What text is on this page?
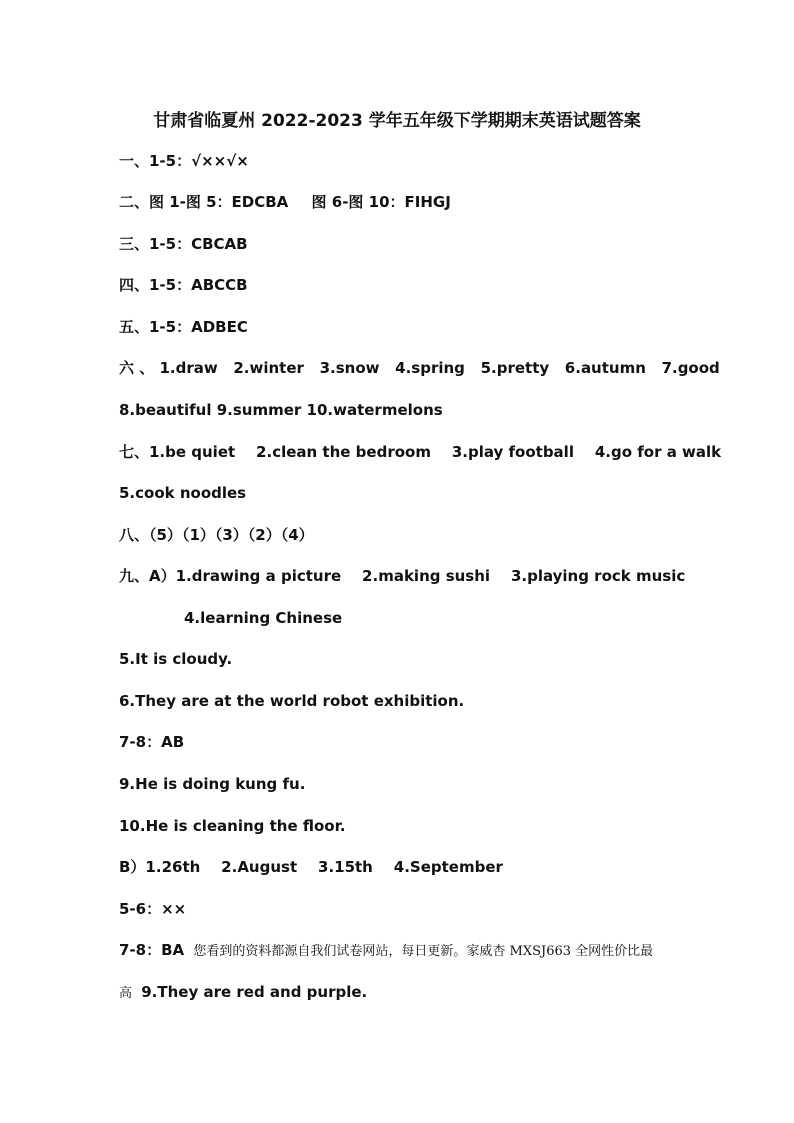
甘肃省临夏州 2022-2023 学年五年级下学期期末英语试题答案
一、1-5：√××√×
二、图 1-图 5：EDCBA 图 6-图 10：FIHGJ
三、1-5：CBCAB
四、1-5：ABCCB
五、1-5：ADBEC
六 、 1.draw   2.winter   3.snow   4.spring   5.pretty   6.autumn   7.good
8.beautiful 9.summer 10.watermelons
七、1.be quiet    2.clean the bedroom    3.play football    4.go for a walk
5.cook noodles
八、（5）（1）（3）（2）（4）
九、A）1.drawing a picture    2.making sushi    3.playing rock music
4.learning Chinese
5.It is cloudy.
6.They are at the world robot exhibition.
7-8：AB
9.He is doing kung fu.
10.He is cleaning the floor.
B）1.26th    2.August    3.15th    4.September
5-6：××
7-8：BA 您看到的资料都源自我们试卷网站，每日更新。家威杏 MXSJ663 全网性价比最
高 9.They are red and purple.
